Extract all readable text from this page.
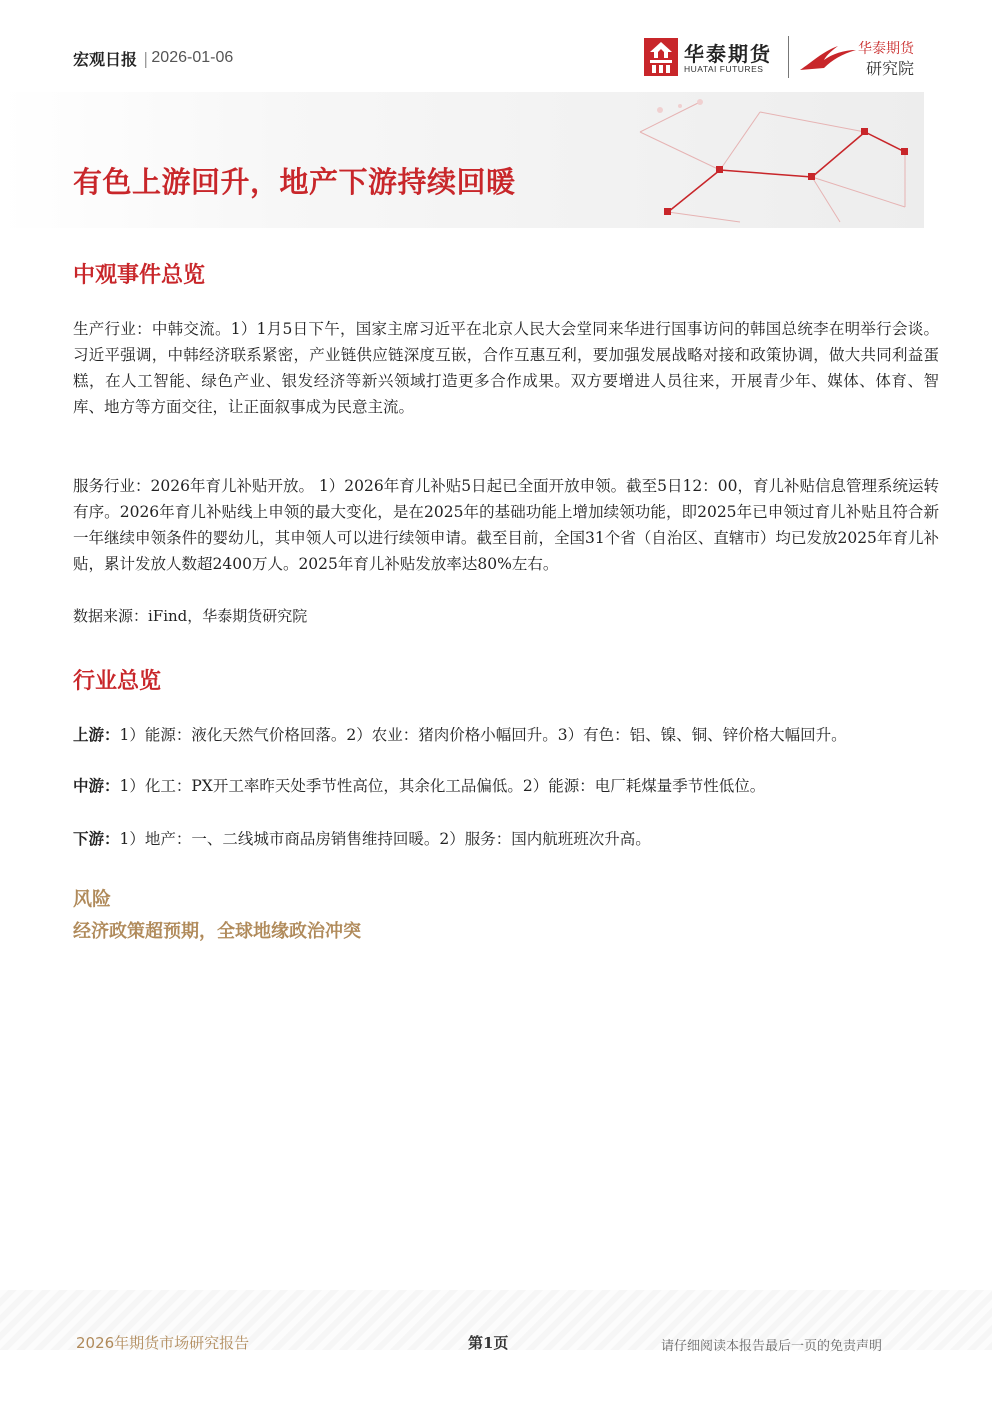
宏观日报 | 2026-01-06	华泰期货
HUATAI FUTURES
华泰期货
研究院
有色上游回升，地产下游持续回暖
中观事件总览
生产行业：中韩交流。1）1月5日下午，国家主席习近平在北京人民大会堂同来华进行国事访问的韩国总统李在明举行会谈。习近平强调，中韩经济联系紧密，产业链供应链深度互嵌，合作互惠互利，要加强发展战略对接和政策协调，做大共同利益蛋糕，在人工智能、绿色产业、银发经济等新兴领域打造更多合作成果。双方要增进人员往来，开展青少年、媒体、体育、智库、地方等方面交往，让正面叙事成为民意主流。
服务行业：2026年育儿补贴开放。 1）2026年育儿补贴5日起已全面开放申领。截至5日12：00，育儿补贴信息管理系统运转有序。2026年育儿补贴线上申领的最大变化，是在2025年的基础功能上增加续领功能，即2025年已申领过育儿补贴且符合新一年继续申领条件的婴幼儿，其申领人可以进行续领申请。截至目前，全国31个省（自治区、直辖市）均已发放2025年育儿补贴，累计发放人数超2400万人。2025年育儿补贴发放率达80%左右。
数据来源：iFind，华泰期货研究院
行业总览
上游：1）能源：液化天然气价格回落。2）农业：猪肉价格小幅回升。3）有色：铝、镍、铜、锌价格大幅回升。
中游：1）化工：PX开工率昨天处季节性高位，其余化工品偏低。2）能源：电厂耗煤量季节性低位。
下游：1）地产：一、二线城市商品房销售维持回暖。2）服务：国内航班班次升高。
风险
经济政策超预期，全球地缘政治冲突
2026年期货市场研究报告	第1页	请仔细阅读本报告最后一页的免责声明
